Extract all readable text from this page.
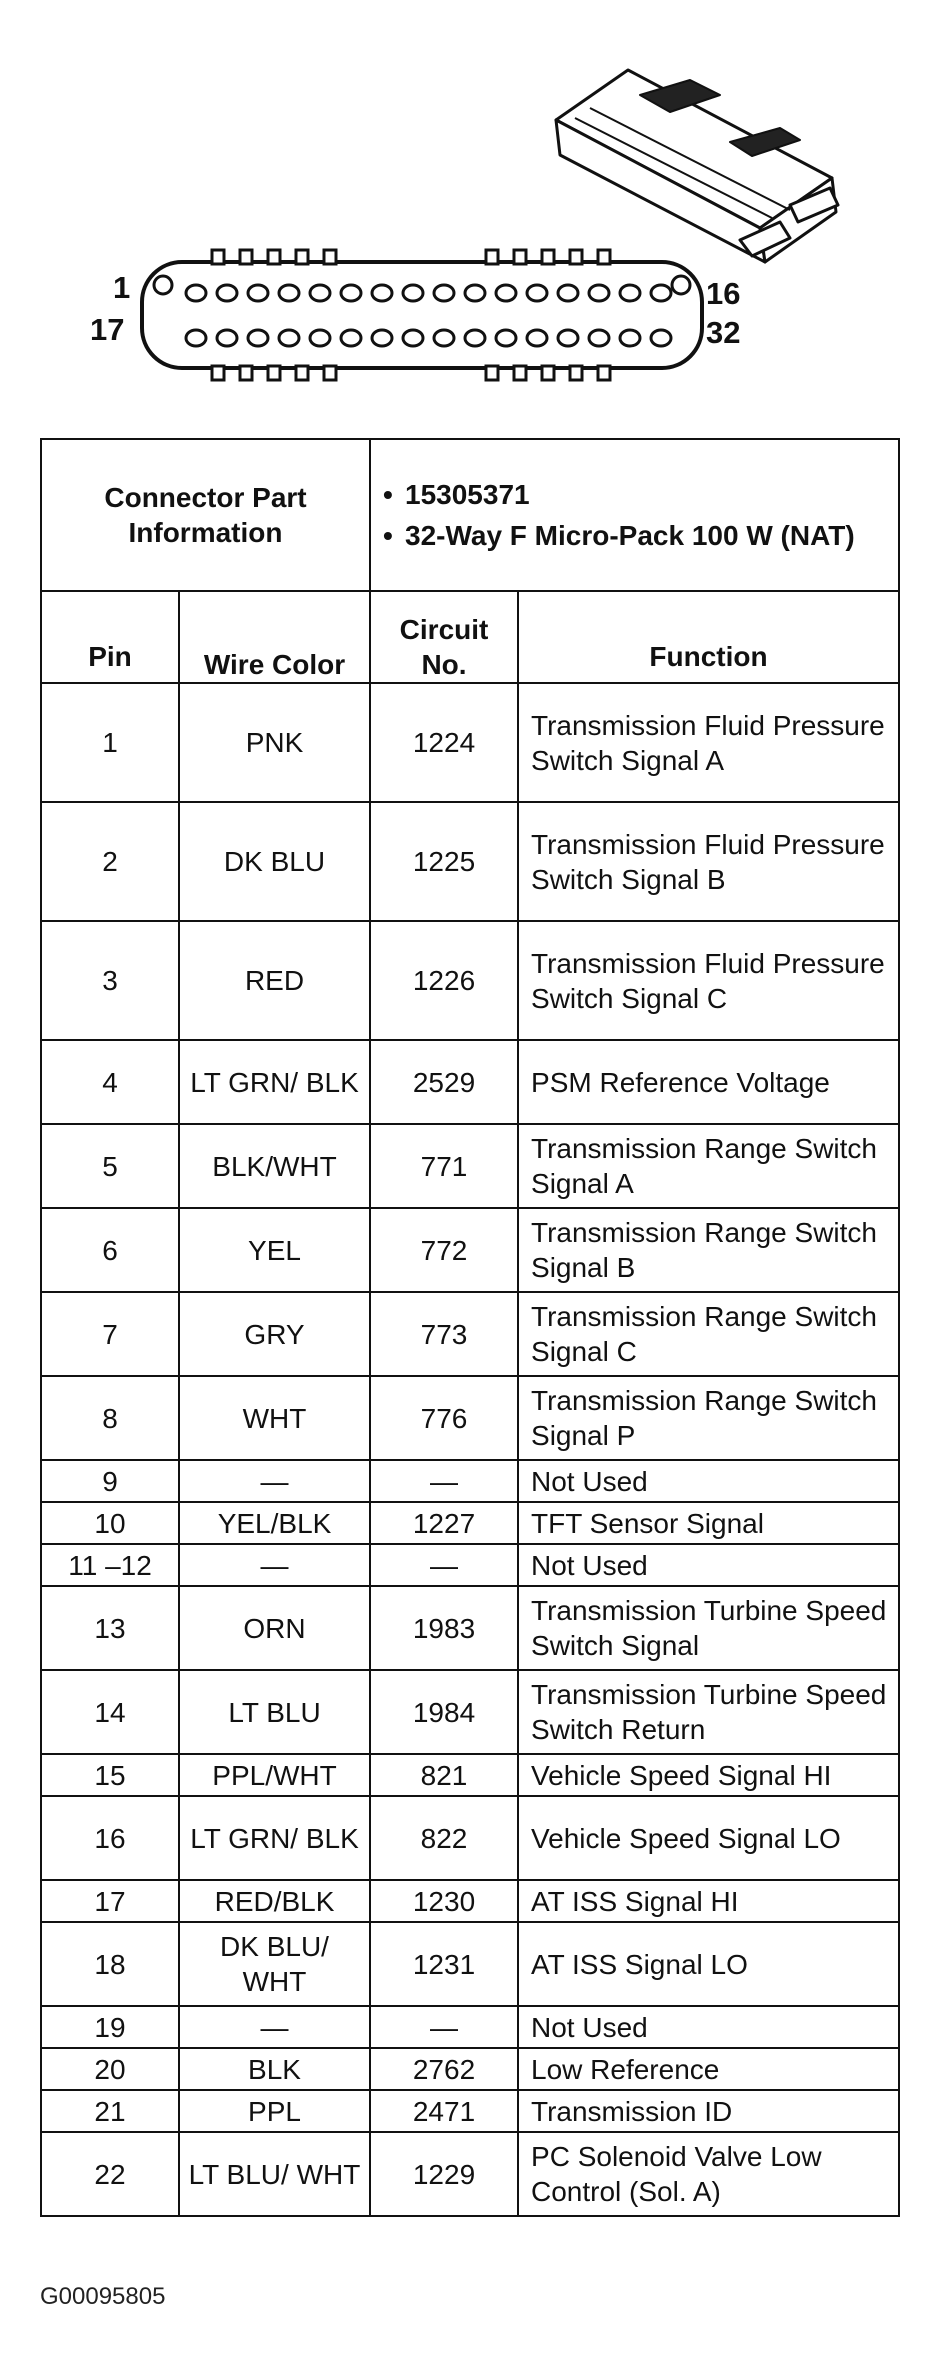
1
17
16
32
Connector Part Information		• 15305371
• 32-Way F Micro-Pack 100 W (NAT)	

Pin	Wire Color	Circuit No.	Function
1	PNK	1224	Transmission Fluid Pressure Switch Signal A
2	DK BLU	1225	Transmission Fluid Pressure Switch Signal B
3	RED	1226	Transmission Fluid Pressure Switch Signal C
4	LT GRN/ BLK	2529	PSM Reference Voltage
5	BLK/WHT	771	Transmission Range Switch Signal A
6	YEL	772	Transmission Range Switch Signal B
7	GRY	773	Transmission Range Switch Signal C
8	WHT	776	Transmission Range Switch Signal P
9	—	—	Not Used
10	YEL/BLK	1227	TFT Sensor Signal
11 –12	—	—	Not Used
13	ORN	1983	Transmission Turbine Speed Switch Signal
14	LT BLU	1984	Transmission Turbine Speed Switch Return
15	PPL/WHT	821	Vehicle Speed Signal HI
16	LT GRN/ BLK	822	Vehicle Speed Signal LO
17	RED/BLK	1230	AT ISS Signal HI
18	DK BLU/ WHT	1231	AT ISS Signal LO
19	—	—	Not Used
20	BLK	2762	Low Reference
21	PPL	2471	Transmission ID
22	LT BLU/ WHT	1229	PC Solenoid Valve Low Control (Sol. A)
G00095805
